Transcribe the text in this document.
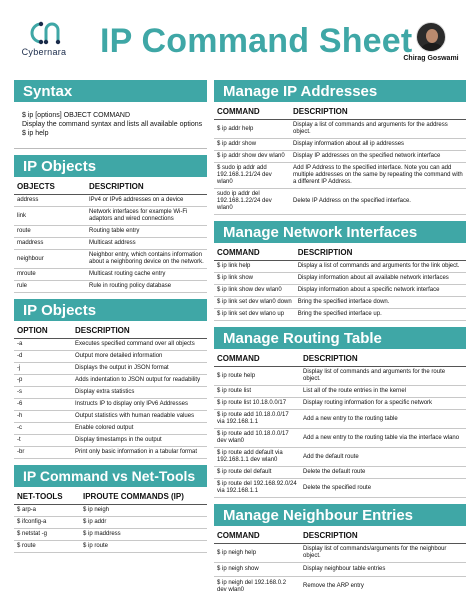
Cybernara IP Command Sheet
Chirag Goswami
Syntax
$ ip [options] OBJECT COMMAND
Display the command syntax and lists all available options
$ ip help
IP Objects
OBJECTS	DESCRIPTION
address	IPv4 or IPv6 addresses on a device
link	Network interfaces for example Wi-Fi adaptors and wired connections
route	Routing table entry
maddress	Multicast address
neighbour	Neighbor entry, which contains information about a neighboring device on the network.
mroute	Multicast routing cache entry
rule	Rule in routing policy database
IP Objects
OPTION	DESCRIPTION
-a	Executes specified command over all objects
-d	Output more detailed information
-j	Displays the output in JSON format
-p	Adds indentation to JSON output for readability
-s	Display extra statistics
-6	Instructs IP to display only IPv6 Addresses
-h	Output statistics with human readable values
-c	Enable colored output
-t	Display timestamps in the output
-br	Print only basic information in a tabular format
IP Command vs Net-Tools
NET-TOOLS	IPROUTE COMMANDS (IP)
$ arp-a	$ ip neigh
$ ifconfig-a	$ ip addr
$ netstat -g	$ ip maddress
$ route	$ ip route
Manage IP Addresses
COMMAND	DESCRIPTION
$ ip addr help	Display a list of commands and arguments for the address object.
$ ip addr show	Display information about all ip addresses
$ ip addr show dev wlan0	Display IP addresses on the specified network interface
$ sudo ip addr add 192.168.1.21/24 dev wlan0	Add IP Address to the specified interface. Note you can add multiple addresses on the same by repeating the command with a different IP Address.
sudo ip addr del 192.168.1.22/24 dev wlan0	Delete IP Address on the specified interface.
Manage Network Interfaces
COMMAND	DESCRIPTION
$ ip link help	Display a list of commands and arguments for the link object.
$ ip link show	Display information about all available network interfaces
$ ip link show dev wlan0	Display information about a specific network interface
$ ip link set dev wlan0 down	Bring the specified interface down.
$ ip link set dev wlano up	Bring the specified interface up.
Manage Routing Table
COMMAND	DESCRIPTION
$ ip route help	Display list of commands and arguments for the route object.
$ ip route list	List all of the route entries in the kernel
$ ip route list 10.18.0.0/17	Display routing information for a specific network
$ ip route add 10.18.0.0/17 via 192.168.1.1	Add a new entry to the routing table
$ ip route add 10.18.0.0/17 dev wlan0	Add a new entry to the routing table via the interface wlano
$ ip route add default via 192.168.1.1 dev wlan0	Add the default route
$ ip route del default	Delete the default route
$ ip route del 192.168.92.0/24 via 192.168.1.1	Delete the specified route
Manage Neighbour Entries
COMMAND	DESCRIPTION
$ ip neigh help	Display list of commands/arguments for the neighbour object.
$ ip neigh show	Display neighbour table entries
$ ip neigh del 192.168.0.2 dev wlan0	Remove the ARP entry
